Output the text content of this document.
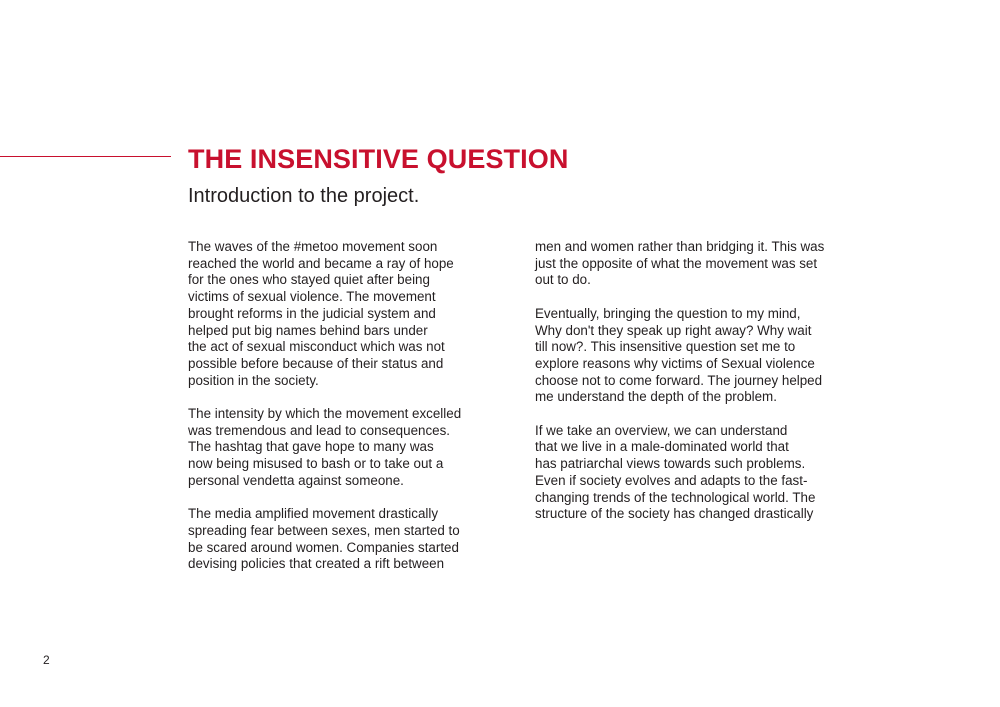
THE INSENSITIVE QUESTION
Introduction to the project.

The waves of the #metoo movement soon
reached the world and became a ray of hope
for the ones who stayed quiet after being
victims of sexual violence. The movement
brought reforms in the judicial system and
helped put big names behind bars under
the act of sexual misconduct which was not
possible before because of their status and
position in the society.

The intensity by which the movement excelled
was tremendous and lead to consequences.
The hashtag that gave hope to many was
now being misused to bash or to take out a
personal vendetta against someone.

The media amplified movement drastically
spreading fear between sexes, men started to
be scared around women. Companies started
devising policies that created a rift between

men and women rather than bridging it. This was
just the opposite of what the movement was set
out to do.

Eventually, bringing the question to my mind,
Why don't they speak up right away? Why wait
till now?. This insensitive question set me to
explore reasons why victims of Sexual violence
choose not to come forward. The journey helped
me understand the depth of the problem.

If we take an overview, we can understand
that we live in a male-dominated world that
has patriarchal views towards such problems.
Even if society evolves and adapts to the fast-
changing trends of the technological world. The
structure of the society has changed drastically

2
